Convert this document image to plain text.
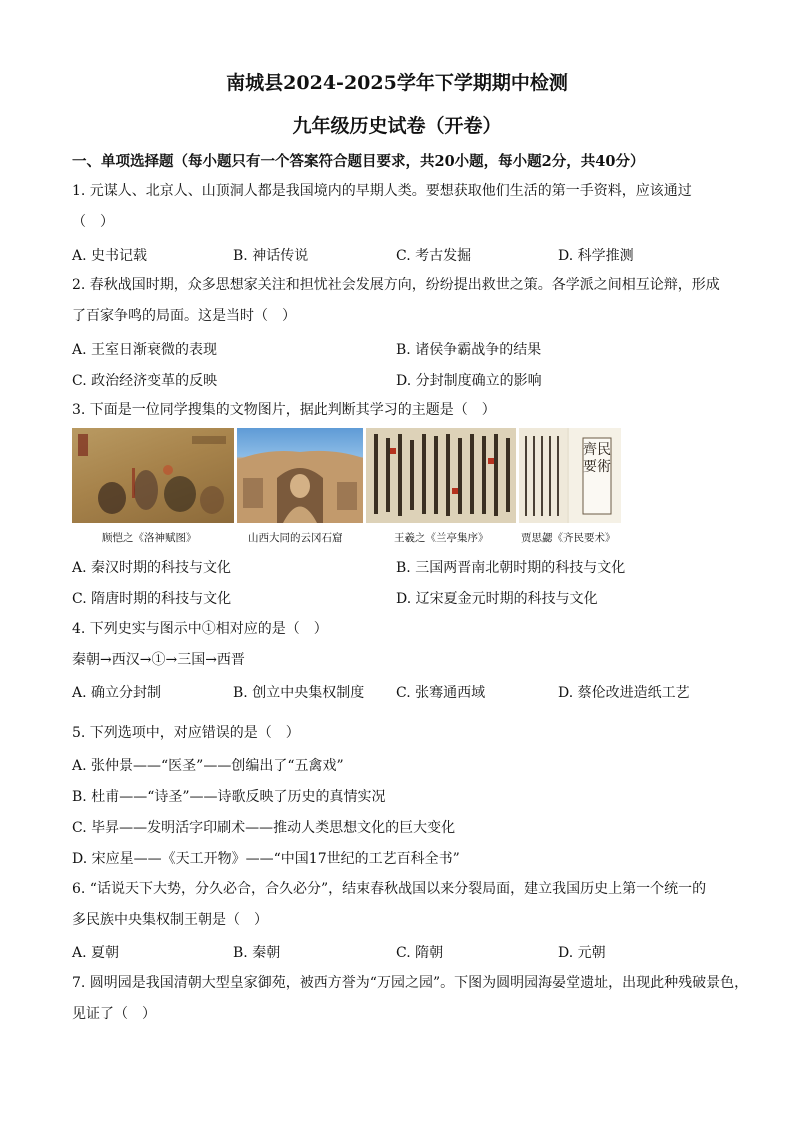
南城县2024-2025学年下学期期中检测
九年级历史试卷（开卷）
一、单项选择题（每小题只有一个答案符合题目要求，共20小题，每小题2分，共40分）
1. 元谋人、北京人、山顶洞人都是我国境内的早期人类。要想获取他们生活的第一手资料，应该通过
（　）
A. 史书记载	B. 神话传说	C. 考古发掘	D. 科学推测
2. 春秋战国时期，众多思想家关注和担忧社会发展方向，纷纷提出救世之策。各学派之间相互论辩，形成
了百家争鸣的局面。这是当时（　）
A. 王室日渐衰微的表现	B. 诸侯争霸战争的结果
C. 政治经济变革的反映	D. 分封制度确立的影响
3. 下面是一位同学搜集的文物图片，据此判断其学习的主题是（　）
齊民要術
顾恺之《洛神赋图》	山西大同的云冈石窟	王羲之《兰亭集序》	贾思勰《齐民要术》
A. 秦汉时期的科技与文化	B. 三国两晋南北朝时期的科技与文化
C. 隋唐时期的科技与文化	D. 辽宋夏金元时期的科技与文化
4. 下列史实与图示中①相对应的是（　）
秦朝→西汉→①→三国→西晋
A. 确立分封制	B. 创立中央集权制度 C. 张骞通西域	D. 蔡伦改进造纸工艺
5. 下列选项中，对应错误的是（　）
A. 张仲景——“医圣”——创编出了“五禽戏”
B. 杜甫——“诗圣”——诗歌反映了历史的真情实况
C. 毕昇——发明活字印刷术——推动人类思想文化的巨大变化
D. 宋应星——《天工开物》——“中国17世纪的工艺百科全书”
6. “话说天下大势，分久必合，合久必分”，结束春秋战国以来分裂局面，建立我国历史上第一个统一的
多民族中央集权制王朝是（　）
A. 夏朝	B. 秦朝	C. 隋朝	D. 元朝
7. 圆明园是我国清朝大型皇家御苑，被西方誉为“万园之园”。下图为圆明园海晏堂遗址，出现此种残破景色，
见证了（　）
